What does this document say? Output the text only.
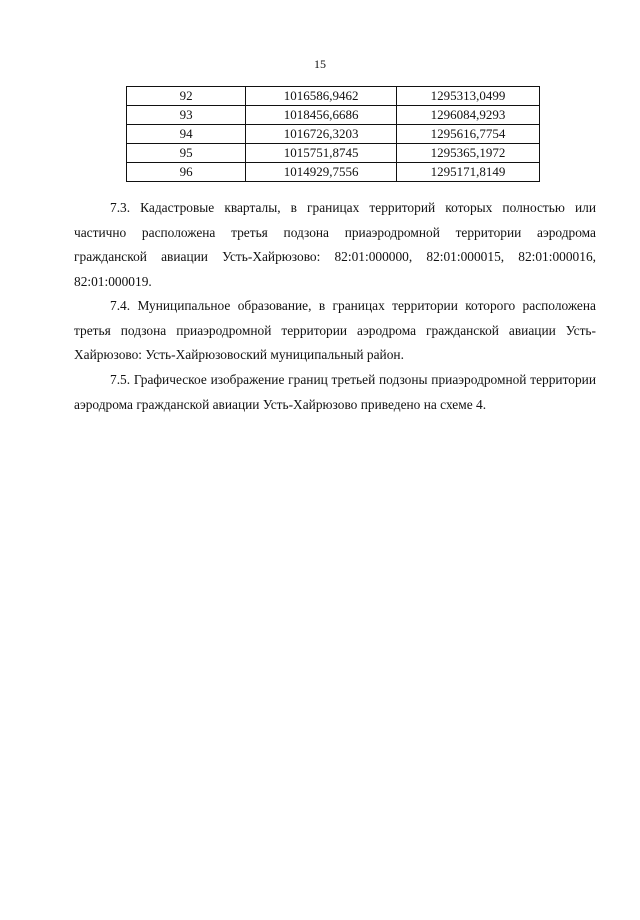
15
92	1016586,9462	1295313,0499
93	1018456,6686	1296084,9293
94	1016726,3203	1295616,7754
95	1015751,8745	1295365,1972
96	1014929,7556	1295171,8149

7.3. Кадастровые кварталы, в границах территорий которых полностью или частично расположена третья подзона приаэродромной территории аэродрома гражданской авиации Усть-Хайрюзово: 82:01:000000, 82:01:000015, 82:01:000016, 82:01:000019.

7.4. Муниципальное образование, в границах территории которого расположена третья подзона приаэродромной территории аэродрома гражданской авиации Усть-Хайрюзово: Усть-Хайрюзовоский муниципальный район.

7.5. Графическое изображение границ третьей подзоны приаэродромной территории аэродрома гражданской авиации Усть-Хайрюзово приведено на схеме 4.
